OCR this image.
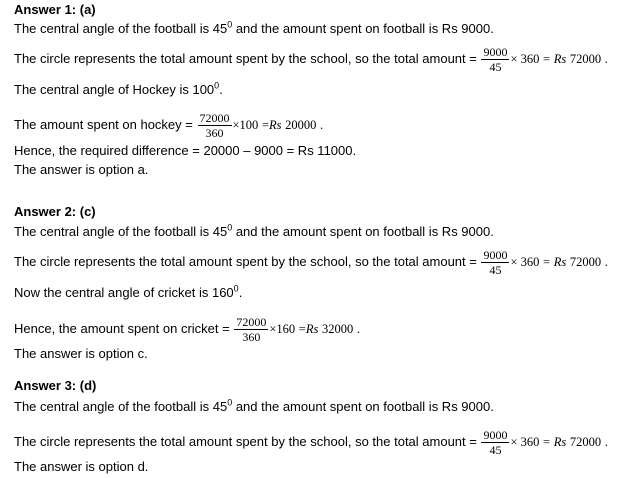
Answer 1: (a)
The central angle of the football is $45^0$ and the amount spent on football is Rs 9000.
The circle represents the total amount spent by the school, so the total amount = $\frac{9000}{45} \times 360 = Rs$ 72000 .
The central angle of Hockey is $100^0$.
The amount spent on hockey = $\frac{72000}{360} \times 100 =Rs$ 20000 .
Hence, the required difference = 20000 – 9000 = Rs 11000.
The answer is option a.
Answer 2: (c)
The central angle of the football is $45^0$ and the amount spent on football is Rs 9000.
The circle represents the total amount spent by the school, so the total amount = $\frac{9000}{45} \times 360 = Rs$ 72000 .
Now the central angle of cricket is $160^0$.
Hence, the amount spent on cricket = $\frac{72000}{360} \times 160 =Rs$ 32000 .
The answer is option c.
Answer 3: (d)
The central angle of the football is $45^0$ and the amount spent on football is Rs 9000.
The circle represents the total amount spent by the school, so the total amount = $\frac{9000}{45} \times 360 = Rs$ 72000 .
The answer is option d.
